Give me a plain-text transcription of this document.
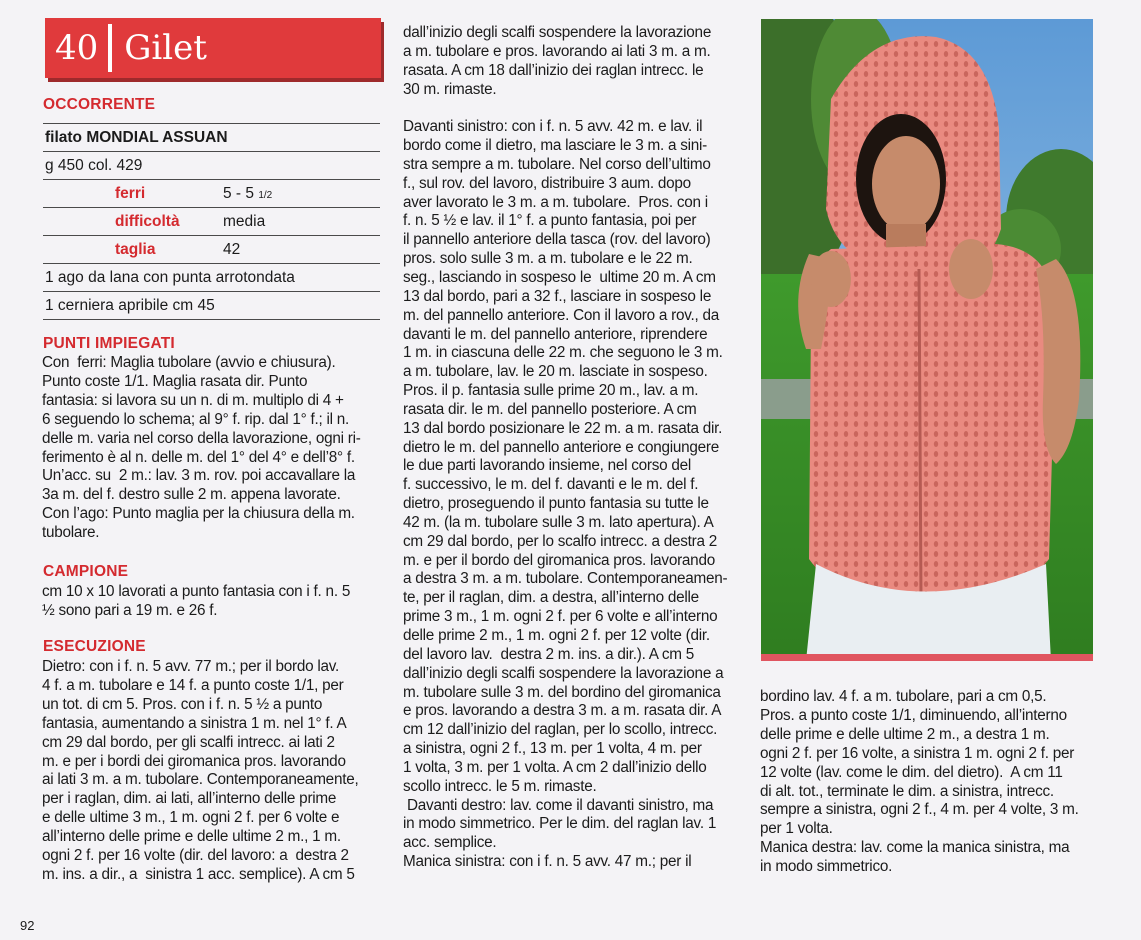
40 Gilet
OCCORRENTE
filato MONDIAL ASSUAN
g 450 col. 429
ferri	5 - 5 1/2
difficoltà	media
taglia	42
1 ago da lana con punta arrotondata
1 cerniera apribile cm 45
PUNTI IMPIEGATI
Con  ferri: Maglia tubolare (avvio e chiusura).
Punto coste 1/1. Maglia rasata dir. Punto
fantasia: si lavora su un n. di m. multiplo di 4 +
6 seguendo lo schema; al 9° f. rip. dal 1° f.; il n.
delle m. varia nel corso della lavorazione, ogni ri-
ferimento è al n. delle m. del 1° del 4° e dell’8° f.
Un’acc. su  2 m.: lav. 3 m. rov. poi accavallare la
3a m. del f. destro sulle 2 m. appena lavorate.
Con l’ago: Punto maglia per la chiusura della m.
tubolare.
CAMPIONE
cm 10 x 10 lavorati a punto fantasia con i f. n. 5
½ sono pari a 19 m. e 26 f.
ESECUZIONE
Dietro: con i f. n. 5 avv. 77 m.; per il bordo lav.
4 f. a m. tubolare e 14 f. a punto coste 1/1, per
un tot. di cm 5. Pros. con i f. n. 5 ½ a punto
fantasia, aumentando a sinistra 1 m. nel 1° f. A
cm 29 dal bordo, per gli scalfi intrecc. ai lati 2
m. e per i bordi dei giromanica pros. lavorando
ai lati 3 m. a m. tubolare. Contemporaneamente,
per i raglan, dim. ai lati, all’interno delle prime
e delle ultime 3 m., 1 m. ogni 2 f. per 6 volte e
all’interno delle prime e delle ultime 2 m., 1 m.
ogni 2 f. per 16 volte (dir. del lavoro: a  destra 2
m. ins. a dir., a  sinistra 1 acc. semplice). A cm 5
dall’inizio degli scalfi sospendere la lavorazione
a m. tubolare e pros. lavorando ai lati 3 m. a m.
rasata. A cm 18 dall’inizio dei raglan intrecc. le
30 m. rimaste.

Davanti sinistro: con i f. n. 5 avv. 42 m. e lav. il
bordo come il dietro, ma lasciare le 3 m. a sini-
stra sempre a m. tubolare. Nel corso dell’ultimo
f., sul rov. del lavoro, distribuire 3 aum. dopo
aver lavorato le 3 m. a m. tubolare.  Pros. con i
f. n. 5 ½ e lav. il 1° f. a punto fantasia, poi per
il pannello anteriore della tasca (rov. del lavoro)
pros. solo sulle 3 m. a m. tubolare e le 22 m.
seg., lasciando in sospeso le  ultime 20 m. A cm
13 dal bordo, pari a 32 f., lasciare in sospeso le
m. del pannello anteriore. Con il lavoro a rov., da
davanti le m. del pannello anteriore, riprendere
1 m. in ciascuna delle 22 m. che seguono le 3 m.
a m. tubolare, lav. le 20 m. lasciate in sospeso.
Pros. il p. fantasia sulle prime 20 m., lav. a m.
rasata dir. le m. del pannello posteriore. A cm
13 dal bordo posizionare le 22 m. a m. rasata dir.
dietro le m. del pannello anteriore e congiungere
le due parti lavorando insieme, nel corso del
f. successivo, le m. del f. davanti e le m. del f.
dietro, proseguendo il punto fantasia su tutte le
42 m. (la m. tubolare sulle 3 m. lato apertura). A
cm 29 dal bordo, per lo scalfo intrecc. a destra 2
m. e per il bordo del giromanica pros. lavorando
a destra 3 m. a m. tubolare. Contemporaneamen-
te, per il raglan, dim. a destra, all’interno delle
prime 3 m., 1 m. ogni 2 f. per 6 volte e all’interno
delle prime 2 m., 1 m. ogni 2 f. per 12 volte (dir.
del lavoro lav.  destra 2 m. ins. a dir.). A cm 5
dall’inizio degli scalfi sospendere la lavorazione a
m. tubolare sulle 3 m. del bordino del giromanica
e pros. lavorando a destra 3 m. a m. rasata dir. A
cm 12 dall’inizio del raglan, per lo scollo, intrecc.
a sinistra, ogni 2 f., 13 m. per 1 volta, 4 m. per
1 volta, 3 m. per 1 volta. A cm 2 dall’inizio dello
scollo intrecc. le 5 m. rimaste.
Davanti destro: lav. come il davanti sinistro, ma
in modo simmetrico. Per le dim. del raglan lav. 1
acc. semplice.
Manica sinistra: con i f. n. 5 avv. 47 m.; per il
bordino lav. 4 f. a m. tubolare, pari a cm 0,5.
Pros. a punto coste 1/1, diminuendo, all’interno
delle prime e delle ultime 2 m., a destra 1 m.
ogni 2 f. per 16 volte, a sinistra 1 m. ogni 2 f. per
12 volte (lav. come le dim. del dietro).  A cm 11
di alt. tot., terminate le dim. a sinistra, intrecc.
sempre a sinistra, ogni 2 f., 4 m. per 4 volte, 3 m.
per 1 volta.
Manica destra: lav. come la manica sinistra, ma
in modo simmetrico.
92
